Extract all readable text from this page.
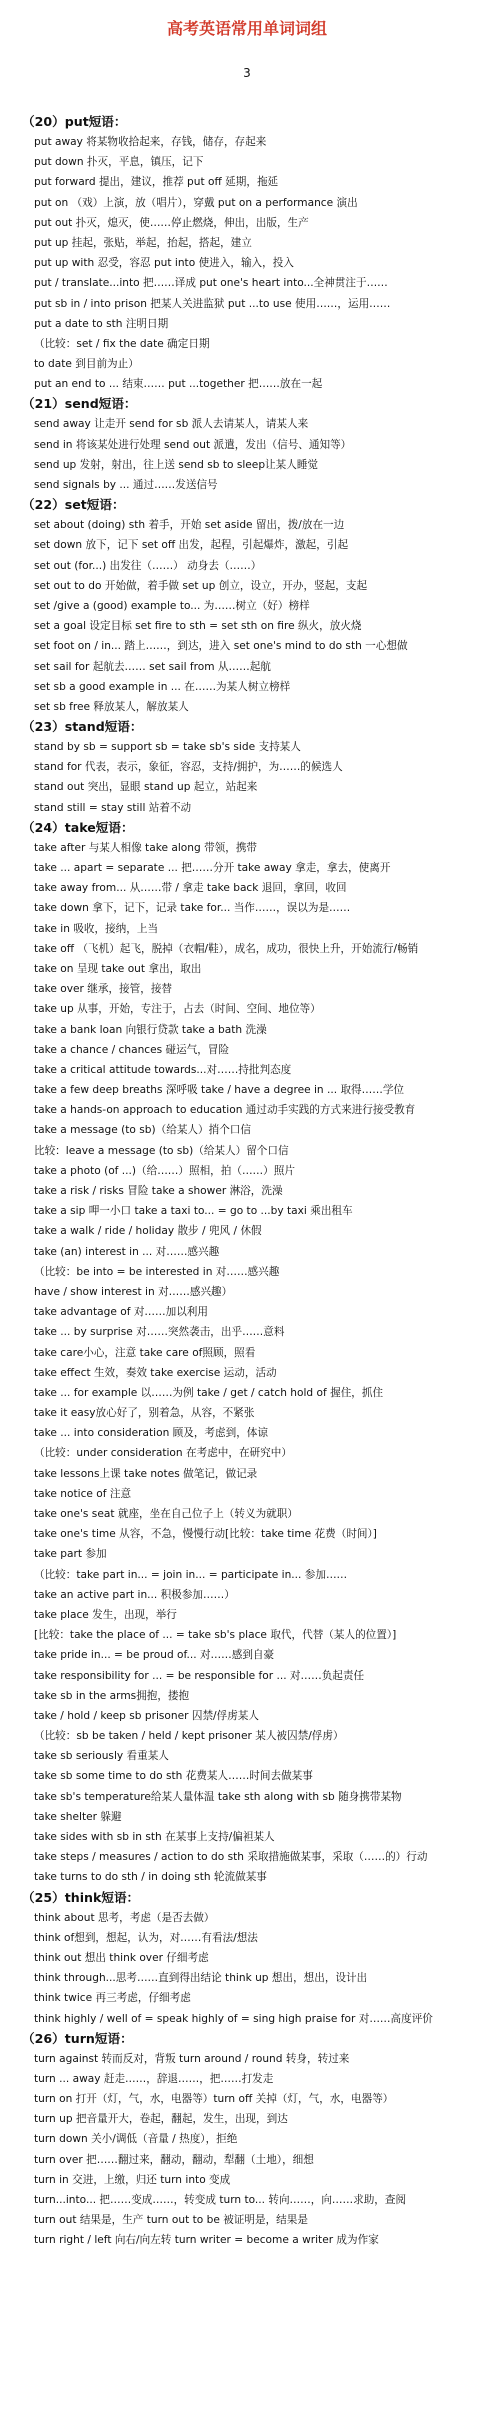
高考英语常用单词词组
3
（20）put短语：
put away 将某物收拾起来，存钱，储存，存起来
put down 扑灭，平息，镇压，记下
put forward 提出，建议，推荐 put off 延期，拖延
put on （戏）上演，放（唱片），穿戴 put on a performance 演出
put out 扑灭，熄灭，使……停止燃烧，伸出，出版，生产
put up 挂起，张贴，举起，抬起，搭起，建立
put up with 忍受，容忍 put into 使进入，输入，投入
put / translate...into 把……译成 put one's heart into...全神贯注于……
put sb in / into prison 把某人关进监狱 put ...to use 使用……，运用……
put a date to sth 注明日期
（比较：set / fix the date 确定日期
to date 到目前为止）
put an end to ... 结束…… put ...together 把……放在一起
（21）send短语：
send away 让走开 send for sb 派人去请某人，请某人来
send in 将该某处进行处理 send out 派遣，发出（信号、通知等）
send up 发射，射出，往上送 send sb to sleep让某人睡觉
send signals by ... 通过……发送信号
（22）set短语：
set about (doing) sth 着手，开始 set aside 留出，拨/放在一边
set down 放下，记下 set off 出发，起程，引起爆炸，激起，引起
set out (for...) 出发往（……） 动身去（……）
set out to do 开始做，着手做 set up 创立，设立，开办，竖起，支起
set /give a (good) example to... 为……树立（好）榜样
set a goal 设定目标 set fire to sth = set sth on fire 纵火，放火烧
set foot on / in... 踏上……，到达，进入 set one's mind to do sth 一心想做
set sail for 起航去…… set sail from 从……起航
set sb a good example in ... 在……为某人树立榜样
set sb free 释放某人，解放某人
（23）stand短语：
stand by sb = support sb = take sb's side 支持某人
stand for 代表，表示，象征，容忍，支持/拥护，为……的候选人
stand out 突出，显眼 stand up 起立，站起来
stand still = stay still 站着不动
（24）take短语：
take after 与某人相像 take along 带领，携带
take ... apart = separate ... 把……分开 take away 拿走，拿去，使离开
take away from... 从……带 / 拿走 take back 退回，拿回，收回
take down 拿下，记下，记录 take for... 当作……，误以为是……
take in 吸收，接纳，上当
take off （飞机）起飞，脱掉（衣帽/鞋），成名，成功，很快上升，开始流行/畅销
take on 呈现 take out 拿出，取出
take over 继承，接管，接替
take up 从事，开始，专注于，占去（时间、空间、地位等）
take a bank loan 向银行贷款 take a bath 洗澡
take a chance / chances 碰运气，冒险
take a critical attitude towards...对……持批判态度
take a few deep breaths 深呼吸 take / have a degree in ... 取得……学位
take a hands-on approach to education 通过动手实践的方式来进行接受教育
take a message (to sb)（给某人）捎个口信
比较：leave a message (to sb)（给某人）留个口信
take a photo (of ...)（给……）照相，拍（……）照片
take a risk / risks 冒险 take a shower 淋浴，洗澡
take a sip 呷一小口 take a taxi to... = go to ...by taxi 乘出租车
take a walk / ride / holiday 散步 / 兜风 / 休假
take (an) interest in ... 对……感兴趣
（比较：be into = be interested in 对……感兴趣
have / show interest in 对……感兴趣）
take advantage of 对……加以利用
take ... by surprise 对……突然袭击，出乎……意料
take care小心，注意 take care of照顾，照看
take effect 生效，奏效 take exercise 运动，活动
take ... for example 以……为例 take / get / catch hold of 握住，抓住
take it easy放心好了，别着急，从容，不紧张
take ... into consideration 顾及，考虑到，体谅
（比较：under consideration 在考虑中，在研究中）
take lessons上课 take notes 做笔记，做记录
take notice of 注意
take one's seat 就座，坐在自己位子上（转义为就职）
take one's time 从容，不急，慢慢行动[比较：take time 花费（时间）]
take part 参加
（比较：take part in... = join in... = participate in... 参加……
take an active part in... 积极参加……）
take place 发生，出现，举行
[比较：take the place of ... = take sb's place 取代，代替（某人的位置）]
take pride in... = be proud of... 对……感到自豪
take responsibility for ... = be responsible for ... 对……负起责任
take sb in the arms拥抱，搂抱
take / hold / keep sb prisoner 囚禁/俘虏某人
（比较：sb be taken / held / kept prisoner 某人被囚禁/俘虏）
take sb seriously 看重某人
take sb some time to do sth 花费某人……时间去做某事
take sb's temperature给某人量体温 take sth along with sb 随身携带某物
take shelter 躲避
take sides with sb in sth 在某事上支持/偏袒某人
take steps / measures / action to do sth 采取措施做某事，采取（……的）行动
take turns to do sth / in doing sth 轮流做某事
（25）think短语：
think about 思考，考虑（是否去做）
think of想到，想起，认为，对……有看法/想法
think out 想出 think over 仔细考虑
think through...思考……直到得出结论 think up 想出，想出，设计出
think twice 再三考虑，仔细考虑
think highly / well of = speak highly of = sing high praise for 对……高度评价
（26）turn短语：
turn against 转而反对，背叛 turn around / round 转身，转过来
turn ... away 赶走……，辞退……，把……打发走
turn on 打开（灯，气，水，电器等）turn off 关掉（灯，气，水，电器等）
turn up 把音量开大，卷起，翻起，发生，出现，到达
turn down 关小/调低（音量 / 热度），拒绝
turn over 把……翻过来，翻动，翻动，犁翻（土地），细想
turn in 交进，上缴，归还 turn into 变成
turn...into... 把……变成……，转变成 turn to... 转向……，向……求助，查阅
turn out 结果是，生产 turn out to be 被证明是，结果是
turn right / left 向右/向左转 turn writer = become a writer 成为作家
